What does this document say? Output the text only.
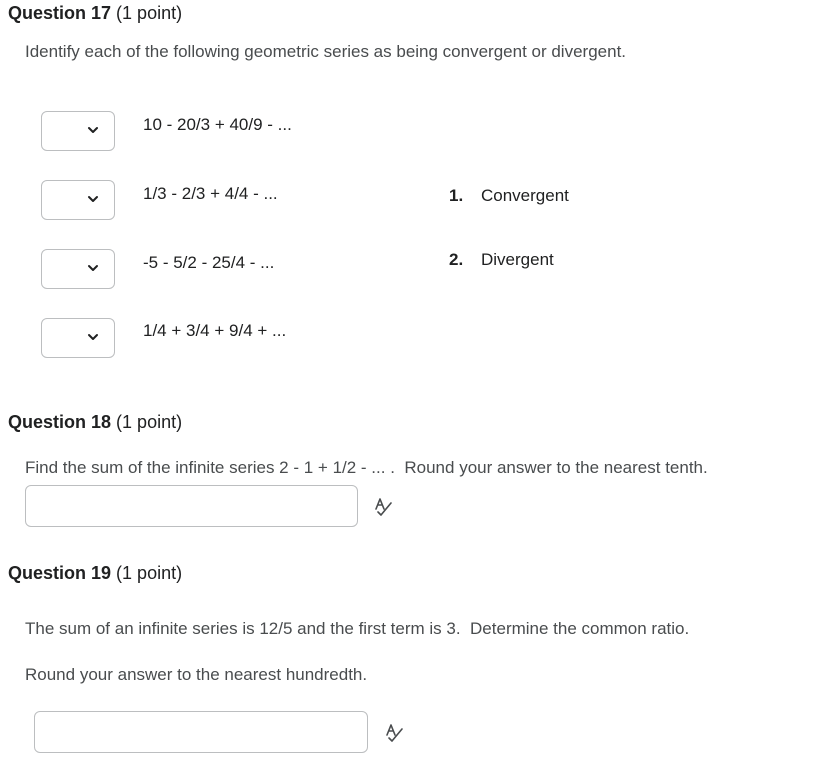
Question 17 (1 point)
Identify each of the following geometric series as being convergent or divergent.
10 - 20/3 + 40/9 - ...
1/3 - 2/3 + 4/4 - ...
-5 - 5/2 - 25/4 - ...
1/4 + 3/4 + 9/4 + ...
1. Convergent
2. Divergent
Question 18 (1 point)
Find the sum of the infinite series 2 - 1 + 1/2 - ... .  Round your answer to the nearest tenth.
Question 19 (1 point)
The sum of an infinite series is 12/5 and the first term is 3.  Determine the common ratio.
Round your answer to the nearest hundredth.
